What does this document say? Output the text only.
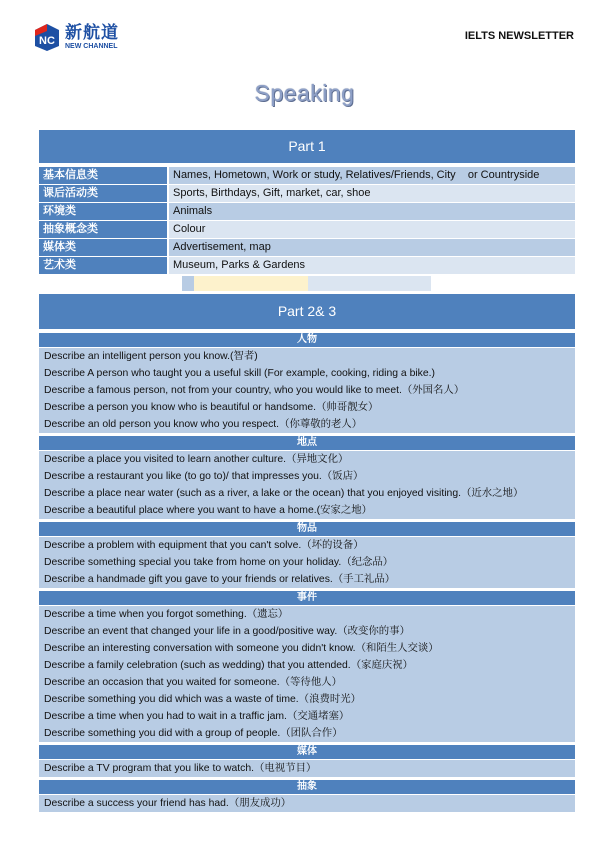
NC 新航道
NEW CHANNEL
IELTS NEWSLETTER
Speaking
Part 1
基本信息类	Names, Hometown, Work or study, Relatives/Friends, City    or Countryside
课后活动类	Sports, Birthdays, Gift, market, car, shoe
环境类	Animals
抽象概念类	Colour
媒体类	Advertisement, map
艺术类	Museum, Parks & Gardens
Part 2& 3
人物
Describe an intelligent person you know.(智者)
Describe A person who taught you a useful skill (For example, cooking, riding a bike.)
Describe a famous person, not from your country, who you would like to meet.（外国名人）
Describe a person you know who is beautiful or handsome.（帅哥靓女）
Describe an old person you know who you respect.（你尊敬的老人）
地点
Describe a place you visited to learn another culture.（异地文化）
Describe a restaurant you like (to go to)/ that impresses you.（饭店）
Describe a place near water (such as a river, a lake or the ocean) that you enjoyed visiting.（近水之地）
Describe a beautiful place where you want to have a home.(安家之地）
物品
Describe a problem with equipment that you can't solve.（坏的设备）
Describe something special you take from home on your holiday.（纪念品）
Describe a handmade gift you gave to your friends or relatives.（手工礼品）
事件
Describe a time when you forgot something.（遗忘）
Describe an event that changed your life in a good/positive way.（改变你的事）
Describe an interesting conversation with someone you didn't know.（和陌生人交谈）
Describe a family celebration (such as wedding) that you attended.（家庭庆祝）
Describe an occasion that you waited for someone.（等待他人）
Describe something you did which was a waste of time.（浪费时光）
Describe a time when you had to wait in a traffic jam.（交通堵塞）
Describe something you did with a group of people.（团队合作）
媒体
Describe a TV program that you like to watch.（电视节目）
抽象
Describe a success your friend has had.（朋友成功）
